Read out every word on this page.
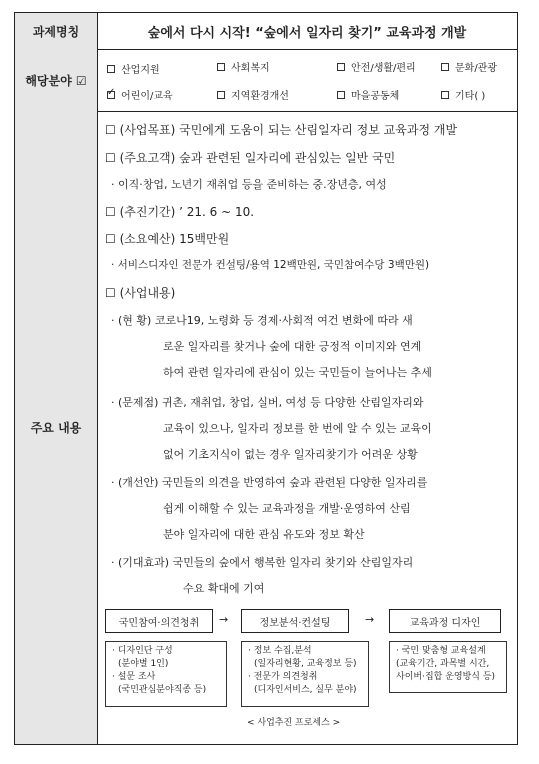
과제명칭	숲에서 다시 시작! “숲에서 일자리 찾기” 교육과정 개발
해당분야 ☑
산업지원	사회복지	안전/생활/편리	문화/관광
✓
어린이/교육	지역환경개선	마을공동체	기타( )
주요 내용
☐ (사업목표) 국민에게 도움이 되는 산림일자리 정보 교육과정 개발
☐ (주요고객) 숲과 관련된 일자리에 관심있는 일반 국민
· 이직·창업, 노년기 재취업 등을 준비하는 중.장년층, 여성
☐ (추진기간) ’ 21. 6 ~ 10.
☐ (소요예산) 15백만원
· 서비스디자인 전문가 컨설팅/용역 12백만원, 국민참여수당 3백만원)
☐ (사업내용)
· (현 황) 코로나19, 노령화 등 경제·사회적 여건 변화에 따라 새
로운 일자리를 찾거나 숲에 대한 긍정적 이미지와 연계
하여 관련 일자리에 관심이 있는 국민들이 늘어나는 추세
· (문제점) 귀촌, 재취업, 창업, 실버, 여성 등 다양한 산림일자리와
교육이 있으나, 일자리 정보를 한 번에 알 수 있는 교육이
없어 기초지식이 없는 경우 일자리찾기가 어려운 상황
· (개선안) 국민들의 의견을 반영하여 숲과 관련된 다양한 일자리를
쉽게 이해할 수 있는 교육과정을 개발·운영하여 산림
분야 일자리에 대한 관심 유도와 정보 확산
· (기대효과) 국민들의 숲에서 행복한 일자리 찾기와 산림일자리
수요 확대에 기여
국민참여·의견청취	→	정보분석·컨설팅	→	교육과정 디자인
· 디자인단 구성
(분야별 1인)
· 설문 조사
(국민관심분야직종 등)
· 정보 수집,분석
(일자리현황, 교육정보 등)
· 전문가 의견청취
(디자인서비스, 실무 분야)
· 국민 맞춤형 교육설계
(교육기간, 과목별 시간,
사이버·집합 운영방식 등)
< 사업추진 프로세스 >
